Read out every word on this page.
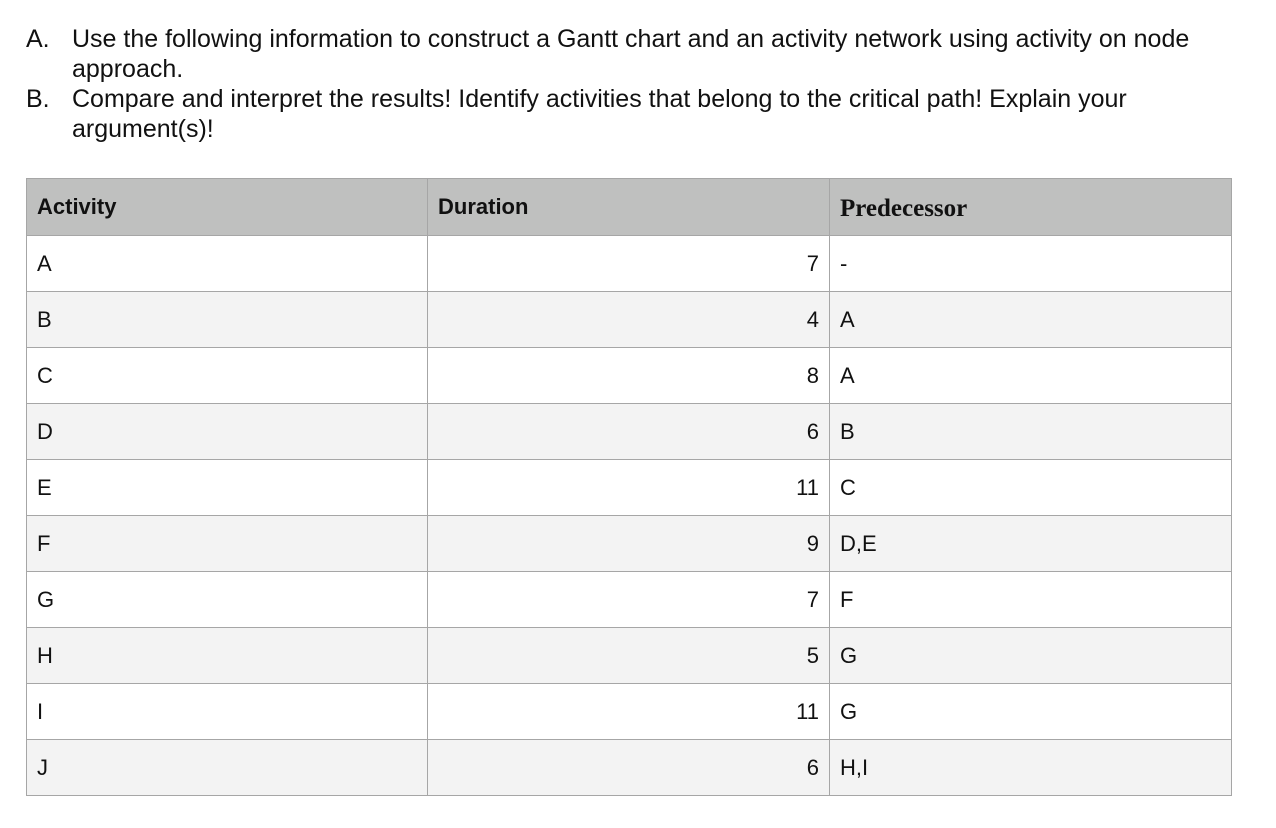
A. Use the following information to construct a Gantt chart and an activity network using activity on node approach.
B. Compare and interpret the results! Identify activities that belong to the critical path! Explain your argument(s)!
Activity	Duration	Predecessor
A	7	-
B	4	A
C	8	A
D	6	B
E	11	C
F	9	D,E
G	7	F
H	5	G
I	11	G
J	6	H,I
